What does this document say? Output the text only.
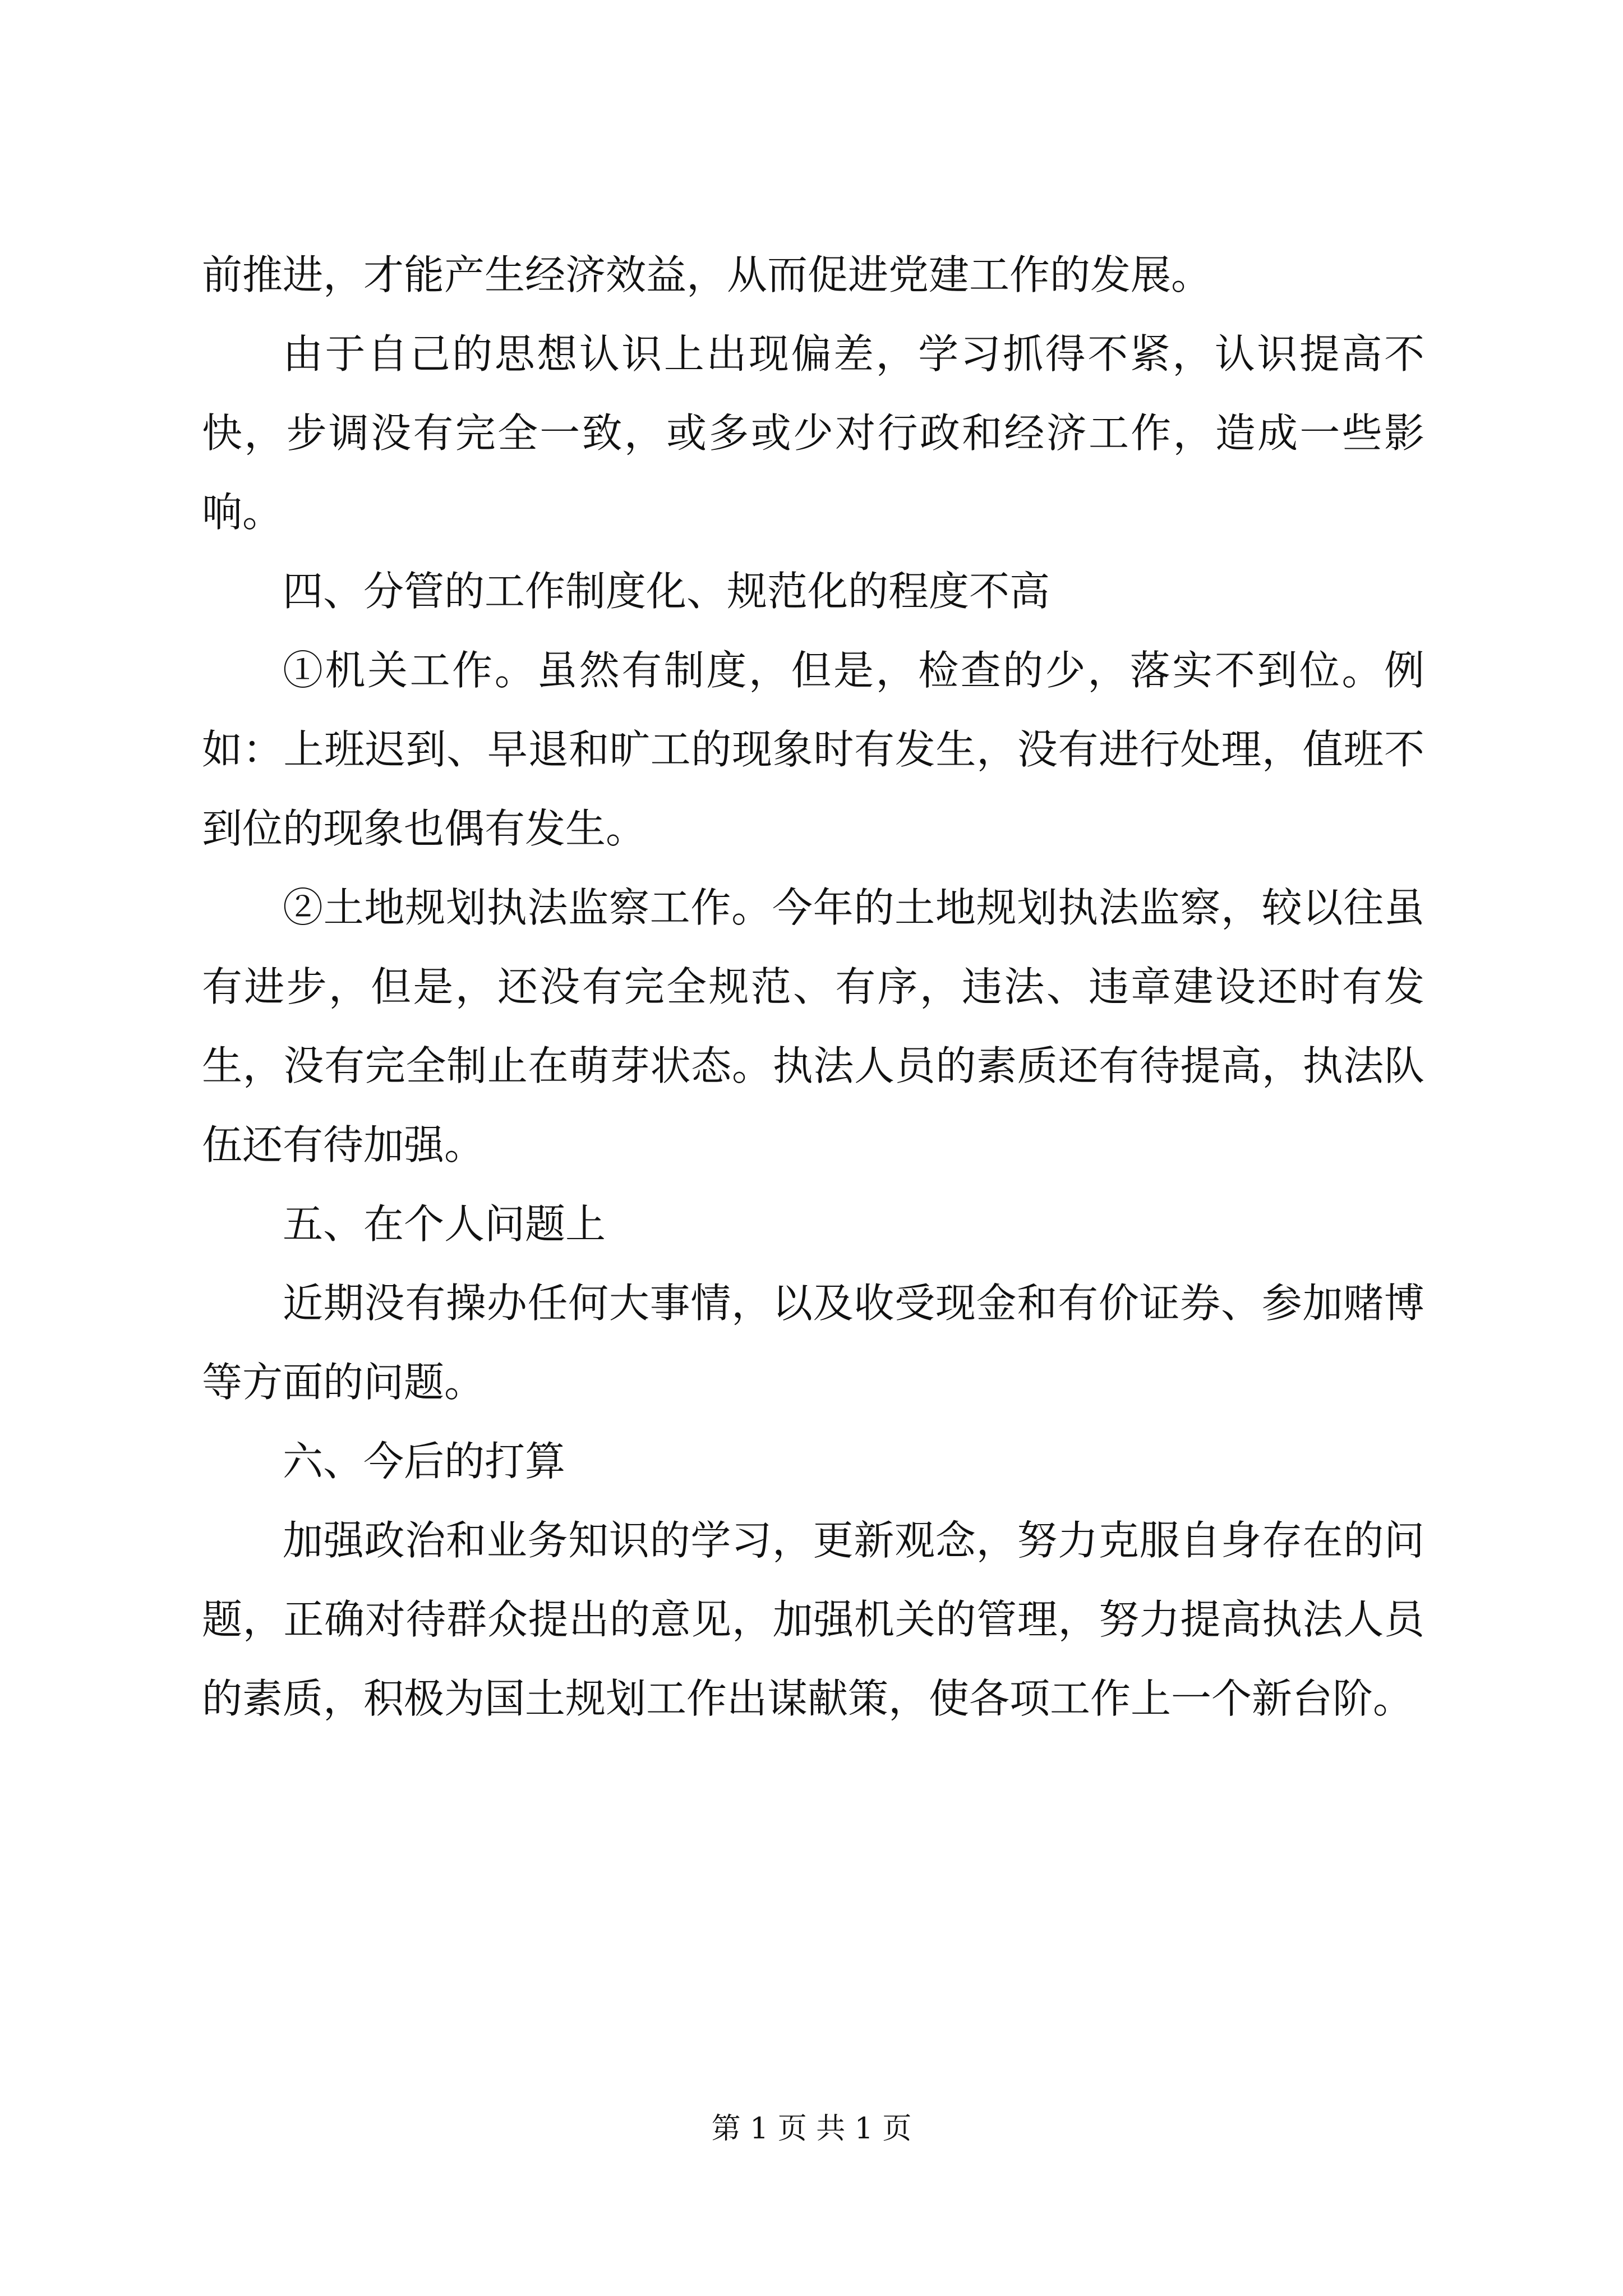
前推进，才能产生经济效益，从而促进党建工作的发展。

由于自己的思想认识上出现偏差，学习抓得不紧，认识提高不快，步调没有完全一致，或多或少对行政和经济工作，造成一些影响。

四、分管的工作制度化、规范化的程度不高

①机关工作。虽然有制度，但是，检查的少，落实不到位。例如：上班迟到、早退和旷工的现象时有发生，没有进行处理，值班不到位的现象也偶有发生。

②土地规划执法监察工作。今年的土地规划执法监察，较以往虽有进步，但是，还没有完全规范、有序，违法、违章建设还时有发生，没有完全制止在萌芽状态。执法人员的素质还有待提高，执法队伍还有待加强。

五、在个人问题上

近期没有操办任何大事情，以及收受现金和有价证券、参加赌博等方面的问题。

六、今后的打算

加强政治和业务知识的学习，更新观念，努力克服自身存在的问题，正确对待群众提出的意见，加强机关的管理，努力提高执法人员的素质，积极为国土规划工作出谋献策，使各项工作上一个新台阶。

第 1 页 共 1 页
